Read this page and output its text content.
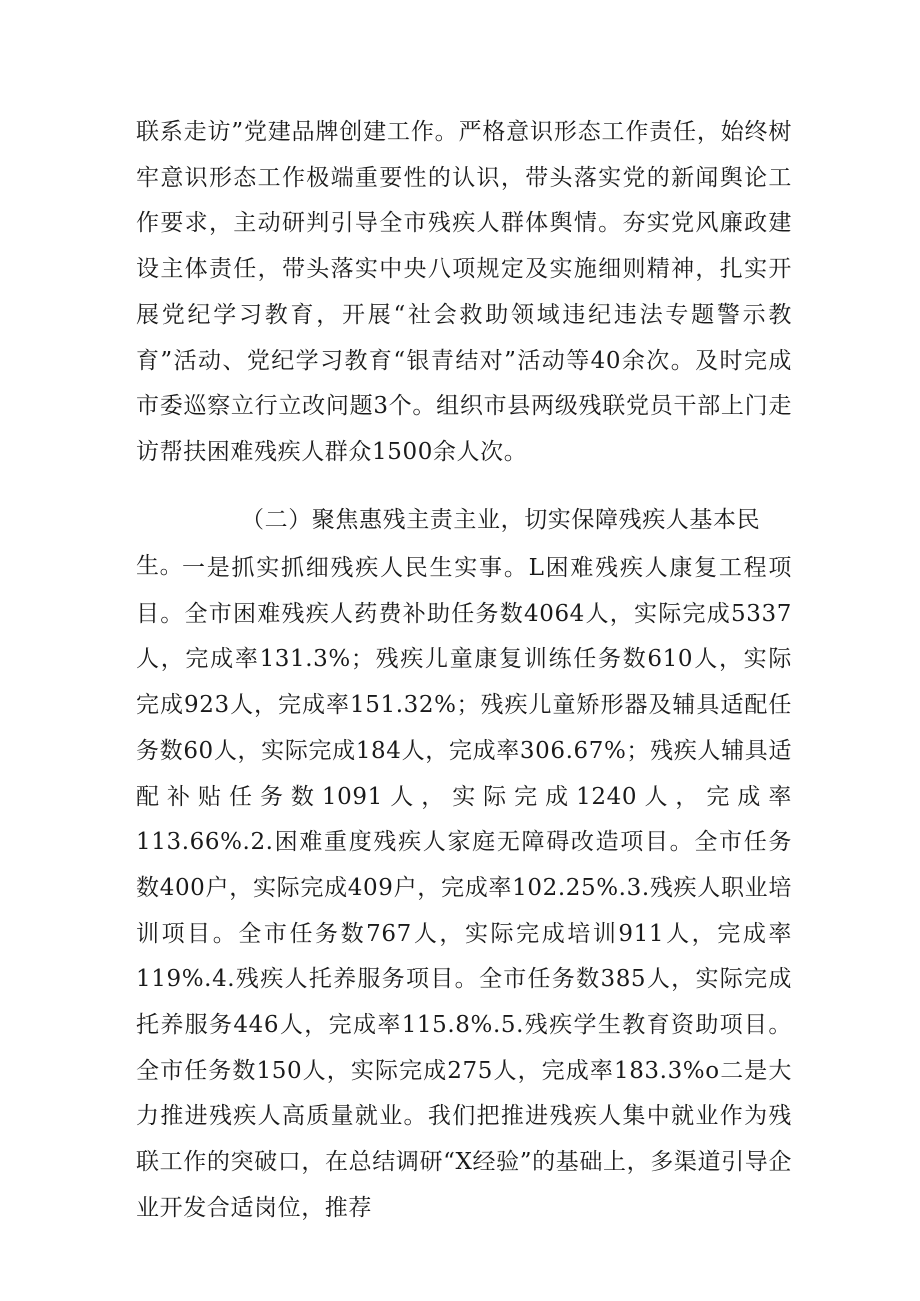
联系走访”党建品牌创建工作。严格意识形态工作责任，始终树牢意识形态工作极端重要性的认识，带头落实党的新闻舆论工作要求，主动研判引导全市残疾人群体舆情。夯实党风廉政建设主体责任，带头落实中央八项规定及实施细则精神，扎实开展党纪学习教育，开展“社会救助领域违纪违法专题警示教育”活动、党纪学习教育“银青结对”活动等40余次。及时完成市委巡察立行立改问题3个。组织市县两级残联党员干部上门走访帮扶困难残疾人群众1500余人次。

（二）聚焦惠残主责主业，切实保障残疾人基本民生。

一是抓实抓细残疾人民生实事。L困难残疾人康复工程项目。全市困难残疾人药费补助任务数4064人，实际完成5337人，完成率131.3%；残疾儿童康复训练任务数610人，实际完成923人，完成率151.32%；残疾儿童矫形器及辅具适配任务数60人，实际完成184人，完成率306.67%；残疾人辅具适配补贴任务数1091人，实际完成1240人，完成率113.66%.2.困难重度残疾人家庭无障碍改造项目。全市任务数400户，实际完成409户，完成率102.25%.3.残疾人职业培训项目。全市任务数767人，实际完成培训911人，完成率119%.4.残疾人托养服务项目。全市任务数385人，实际完成托养服务446人，完成率115.8%.5.残疾学生教育资助项目。全市任务数150人，实际完成275人，完成率183.3%o二是大力推进残疾人高质量就业。我们把推进残疾人集中就业作为残联工作的突破口，在总结调研“X经验”的基础上，多渠道引导企业开发合适岗位，推荐
